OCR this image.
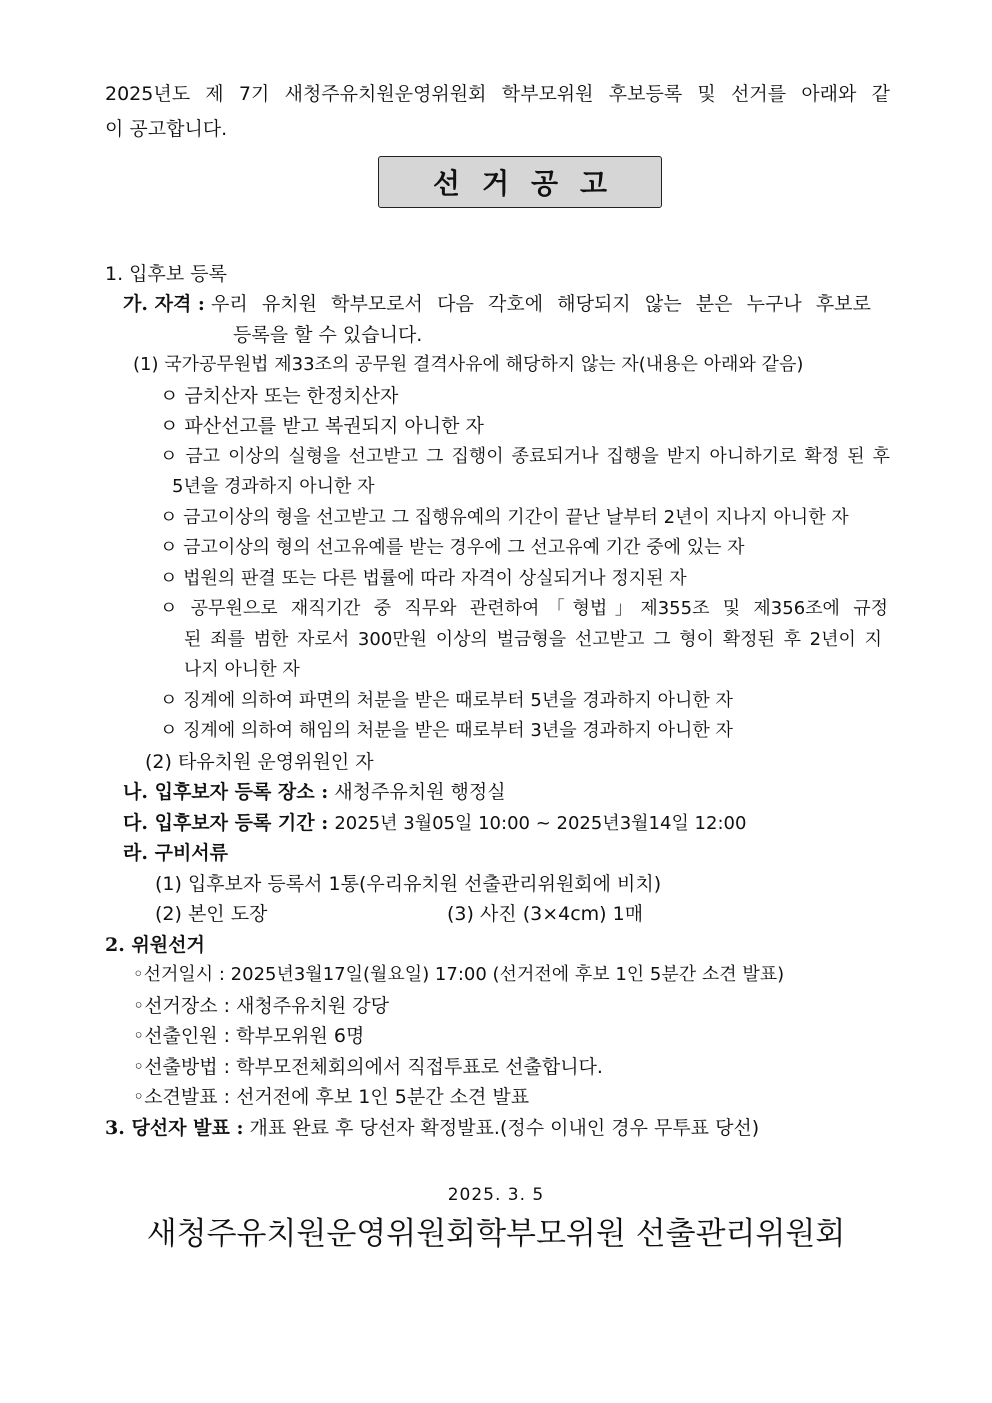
2025년도 제 7기 새청주유치원운영위원회 학부모위원 후보등록 및 선거를 아래와 같
이 공고합니다.
선거공고
1. 입후보 등록
가. 자격 : 우리 유치원 학부모로서 다음 각호에 해당되지 않는 분은 누구나 후보로
등록을 할 수 있습니다.
(1) 국가공무원법 제33조의 공무원 결격사유에 해당하지 않는 자(내용은 아래와 같음)
ㅇ 금치산자 또는 한정치산자
ㅇ 파산선고를 받고 복권되지 아니한 자
ㅇ 금고 이상의 실형을 선고받고 그 집행이 종료되거나 집행을 받지 아니하기로 확정 된 후
5년을 경과하지 아니한 자
ㅇ 금고이상의 형을 선고받고 그 집행유예의 기간이 끝난 날부터 2년이 지나지 아니한 자
ㅇ 금고이상의 형의 선고유예를 받는 경우에 그 선고유예 기간 중에 있는 자
ㅇ 법원의 판결 또는 다른 법률에 따라 자격이 상실되거나 정지된 자
ㅇ 공무원으로 재직기간 중 직무와 관련하여「형법」제355조 및 제356조에 규정
된 죄를 범한 자로서 300만원 이상의 벌금형을 선고받고 그 형이 확정된 후 2년이 지
나지 아니한 자
ㅇ 징계에 의하여 파면의 처분을 받은 때로부터 5년을 경과하지 아니한 자
ㅇ 징계에 의하여 해임의 처분을 받은 때로부터 3년을 경과하지 아니한 자
(2) 타유치원 운영위원인 자
나. 입후보자 등록 장소 : 새청주유치원 행정실
다. 입후보자 등록 기간 : 2025년 3월05일 10:00 ~ 2025년3월14일 12:00
라. 구비서류
(1) 입후보자 등록서 1통(우리유치원 선출관리위원회에 비치)
(2) 본인 도장	(3) 사진 (3×4cm) 1매
2. 위원선거
◦선거일시 : 2025년3월17일(월요일) 17:00 (선거전에 후보 1인 5분간 소견 발표)
◦선거장소 : 새청주유치원 강당
◦선출인원 : 학부모위원 6명
◦선출방법 : 학부모전체회의에서 직접투표로 선출합니다.
◦소견발표 : 선거전에 후보 1인 5분간 소견 발표
3. 당선자 발표 : 개표 완료 후 당선자 확정발표.(정수 이내인 경우 무투표 당선)
2025. 3. 5
새청주유치원운영위원회학부모위원 선출관리위원회
